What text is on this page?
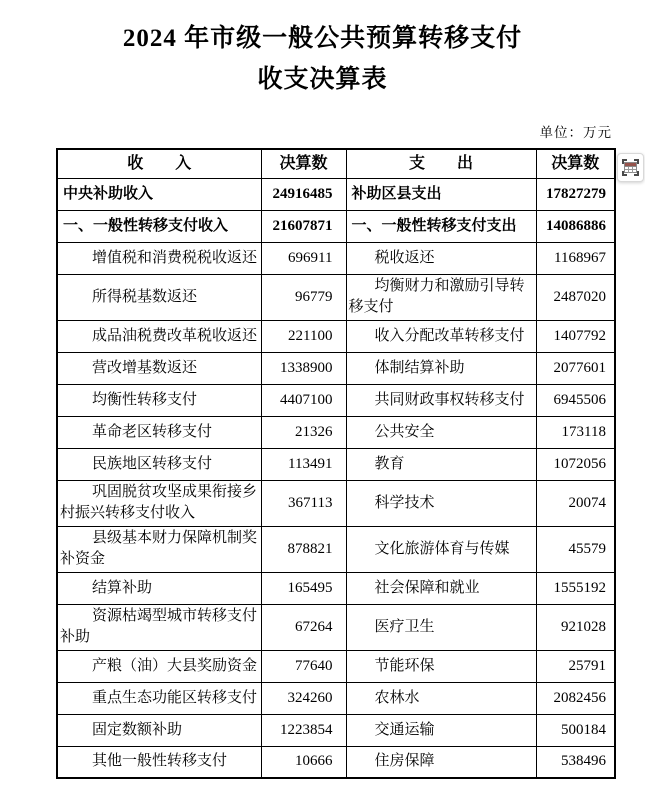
2024 年市级一般公共预算转移支付
收支决算表
单位：万元
收　　入	决算数	支　　出	决算数
中央补助收入	24916485	补助区县支出	17827279
一、一般性转移支付收入	21607871	一、一般性转移支付支出	14086886
增值税和消费税税收返还	696911	税收返还	1168967
所得税基数返还	96779	均衡财力和激励引导转移支付	2487020
成品油税费改革税收返还	221100	收入分配改革转移支付	1407792
营改增基数返还	1338900	体制结算补助	2077601
均衡性转移支付	4407100	共同财政事权转移支付	6945506
革命老区转移支付	21326	公共安全	173118
民族地区转移支付	113491	教育	1072056
巩固脱贫攻坚成果衔接乡村振兴转移支付收入	367113	科学技术	20074
县级基本财力保障机制奖补资金	878821	文化旅游体育与传媒	45579
结算补助	165495	社会保障和就业	1555192
资源枯竭型城市转移支付补助	67264	医疗卫生	921028
产粮（油）大县奖励资金	77640	节能环保	25791
重点生态功能区转移支付	324260	农林水	2082456
固定数额补助	1223854	交通运输	500184
其他一般性转移支付	10666	住房保障	538496
